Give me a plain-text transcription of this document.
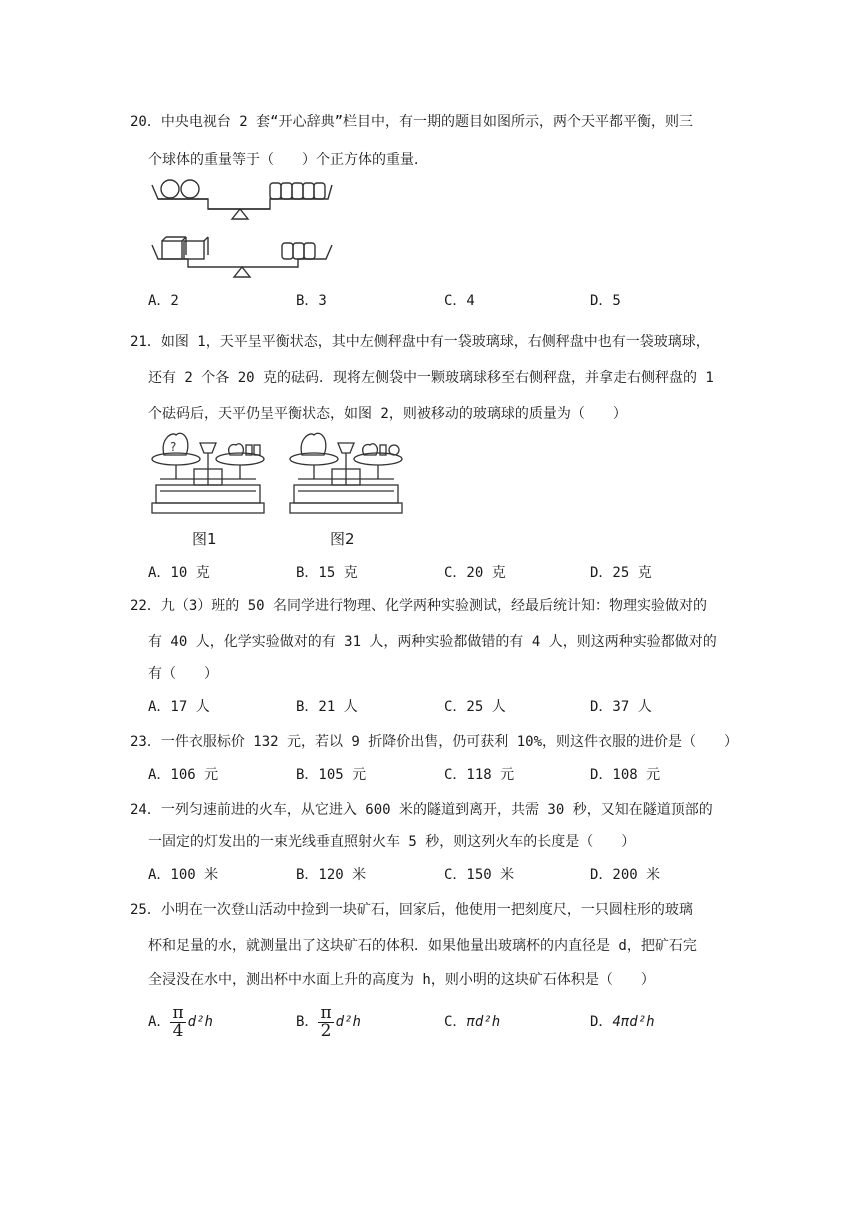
20．中央电视台 2 套“开心辞典”栏目中，有一期的题目如图所示，两个天平都平衡，则三
个球体的重量等于（　　）个正方体的重量．
A．2	B．3	C．4	D．5
21．如图 1，天平呈平衡状态，其中左侧秤盘中有一袋玻璃球，右侧秤盘中也有一袋玻璃球，
还有 2 个各 20 克的砝码．现将左侧袋中一颗玻璃球移至右侧秤盘，并拿走右侧秤盘的 1
个砝码后，天平仍呈平衡状态，如图 2，则被移动的玻璃球的质量为（　　）
?
图1	图2
A．10 克	B．15 克	C．20 克	D．25 克
22．九（3）班的 50 名同学进行物理、化学两种实验测试，经最后统计知：物理实验做对的
有 40 人，化学实验做对的有 31 人，两种实验都做错的有 4 人，则这两种实验都做对的
有（　　）
A．17 人	B．21 人	C．25 人	D．37 人
23．一件衣服标价 132 元，若以 9 折降价出售，仍可获利 10%，则这件衣服的进价是（　　）
A．106 元	B．105 元	C．118 元	D．108 元
24．一列匀速前进的火车，从它进入 600 米的隧道到离开，共需 30 秒，又知在隧道顶部的
一固定的灯发出的一束光线垂直照射火车 5 秒，则这列火车的长度是（　　）
A．100 米	B．120 米	C．150 米	D．200 米
25．小明在一次登山活动中捡到一块矿石，回家后，他使用一把刻度尺，一只圆柱形的玻璃
杯和足量的水，就测量出了这块矿石的体积．如果他量出玻璃杯的内直径是 d，把矿石完
全浸没在水中，测出杯中水面上升的高度为 h，则小明的这块矿石体积是（　　）
A． $\frac{\pi}{4} d^2h$	B． $\frac{\pi}{2} d^2h$	C．πd²h	D．4πd²h
